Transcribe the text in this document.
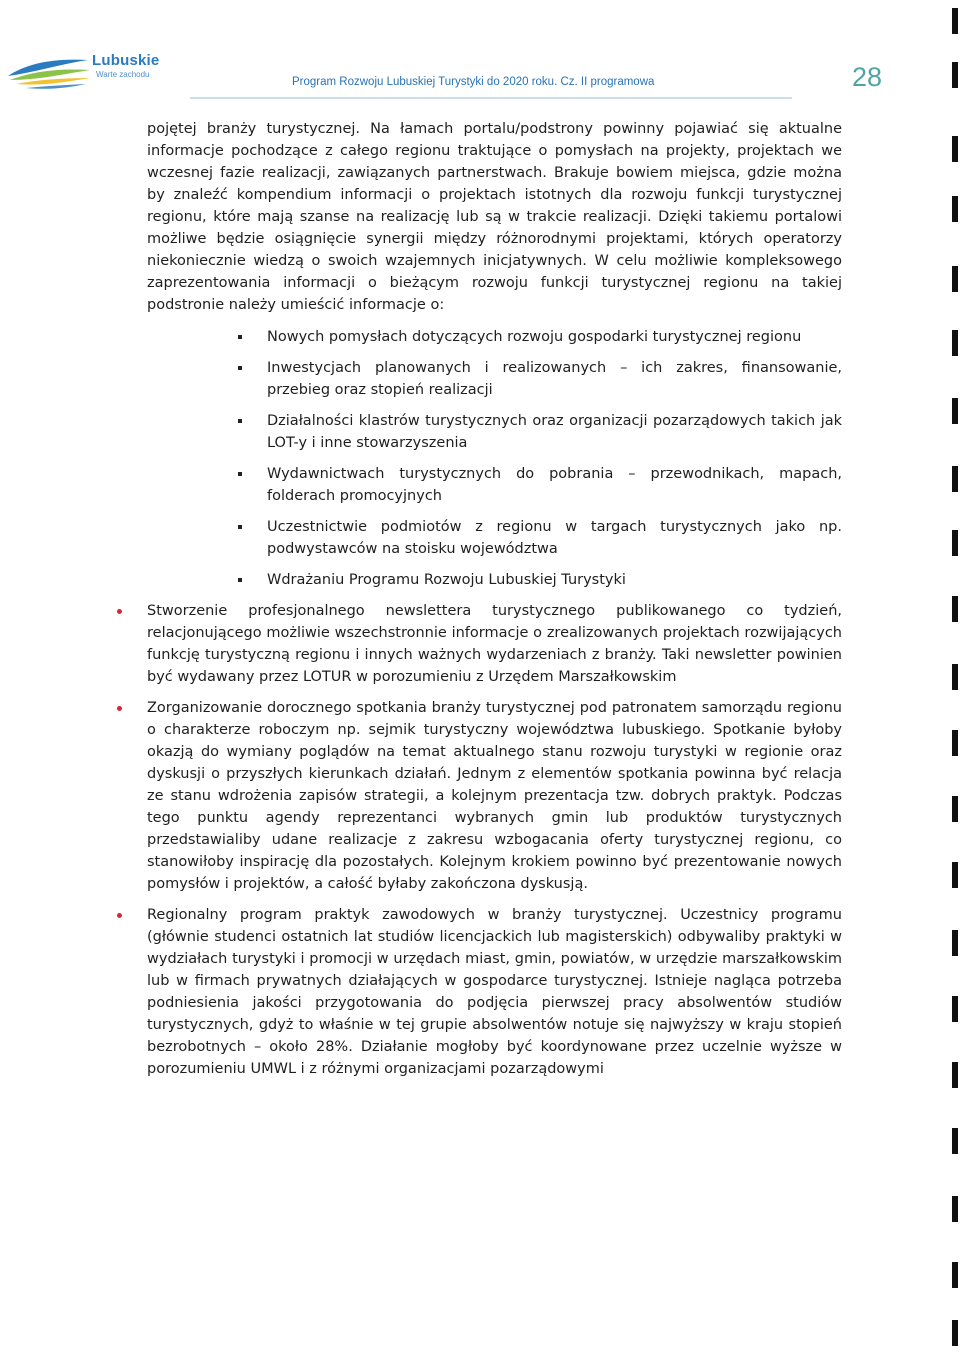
Lubuskie
Warte zachodu
Program Rozwoju Lubuskiej Turystyki do 2020 roku. Cz. II programowa	28

pojętej branży turystycznej. Na łamach portalu/podstrony powinny pojawiać się aktualne informacje pochodzące z całego regionu traktujące o pomysłach na projekty, projektach we wczesnej fazie realizacji, zawiązanych partnerstwach. Brakuje bowiem miejsca, gdzie można by znaleźć kompendium informacji o projektach istotnych dla rozwoju funkcji turystycznej regionu, które mają szanse na realizację lub są w trakcie realizacji. Dzięki takiemu portalowi możliwe będzie osiągnięcie synergii między różnorodnymi projektami, których operatorzy niekoniecznie wiedzą o swoich wzajemnych inicjatywnych. W celu możliwie kompleksowego zaprezentowania informacji o bieżącym rozwoju funkcji turystycznej regionu na takiej podstronie należy umieścić informacje o:

Nowych pomysłach dotyczących rozwoju gospodarki turystycznej regionu
Inwestycjach planowanych i realizowanych – ich zakres, finansowanie, przebieg oraz stopień realizacji
Działalności klastrów turystycznych oraz organizacji pozarządowych takich jak LOT-y i inne stowarzyszenia
Wydawnictwach turystycznych do pobrania – przewodnikach, mapach, folderach promocyjnych
Uczestnictwie podmiotów z regionu w targach turystycznych jako np. podwystawców na stoisku województwa
Wdrażaniu Programu Rozwoju Lubuskiej Turystyki
Stworzenie profesjonalnego newslettera turystycznego publikowanego co tydzień, relacjonującego możliwie wszechstronnie informacje o zrealizowanych projektach rozwijających funkcję turystyczną regionu i innych ważnych wydarzeniach z branży. Taki newsletter powinien być wydawany przez LOTUR w porozumieniu z Urzędem Marszałkowskim
Zorganizowanie dorocznego spotkania branży turystycznej pod patronatem samorządu regionu o charakterze roboczym np. sejmik turystyczny województwa lubuskiego. Spotkanie byłoby okazją do wymiany poglądów na temat aktualnego stanu rozwoju turystyki w regionie oraz dyskusji o przyszłych kierunkach działań. Jednym z elementów spotkania powinna być relacja ze stanu wdrożenia zapisów strategii, a kolejnym prezentacja tzw. dobrych praktyk. Podczas tego punktu agendy reprezentanci wybranych gmin lub produktów turystycznych przedstawialiby udane realizacje z zakresu wzbogacania oferty turystycznej regionu, co stanowiłoby inspirację dla pozostałych. Kolejnym krokiem powinno być prezentowanie nowych pomysłów i projektów, a całość byłaby zakończona dyskusją.
Regionalny program praktyk zawodowych w branży turystycznej. Uczestnicy programu (głównie studenci ostatnich lat studiów licencjackich lub magisterskich) odbywaliby praktyki w wydziałach turystyki i promocji w urzędach miast, gmin, powiatów, w urzędzie marszałkowskim lub w firmach prywatnych działających w gospodarce turystycznej. Istnieje nagląca potrzeba podniesienia jakości przygotowania do podjęcia pierwszej pracy absolwentów studiów turystycznych, gdyż to właśnie w tej grupie absolwentów notuje się najwyższy w kraju stopień bezrobotnych – około 28%. Działanie mogłoby być koordynowane przez uczelnie wyższe w porozumieniu UMWL i z różnymi organizacjami pozarządowymi
